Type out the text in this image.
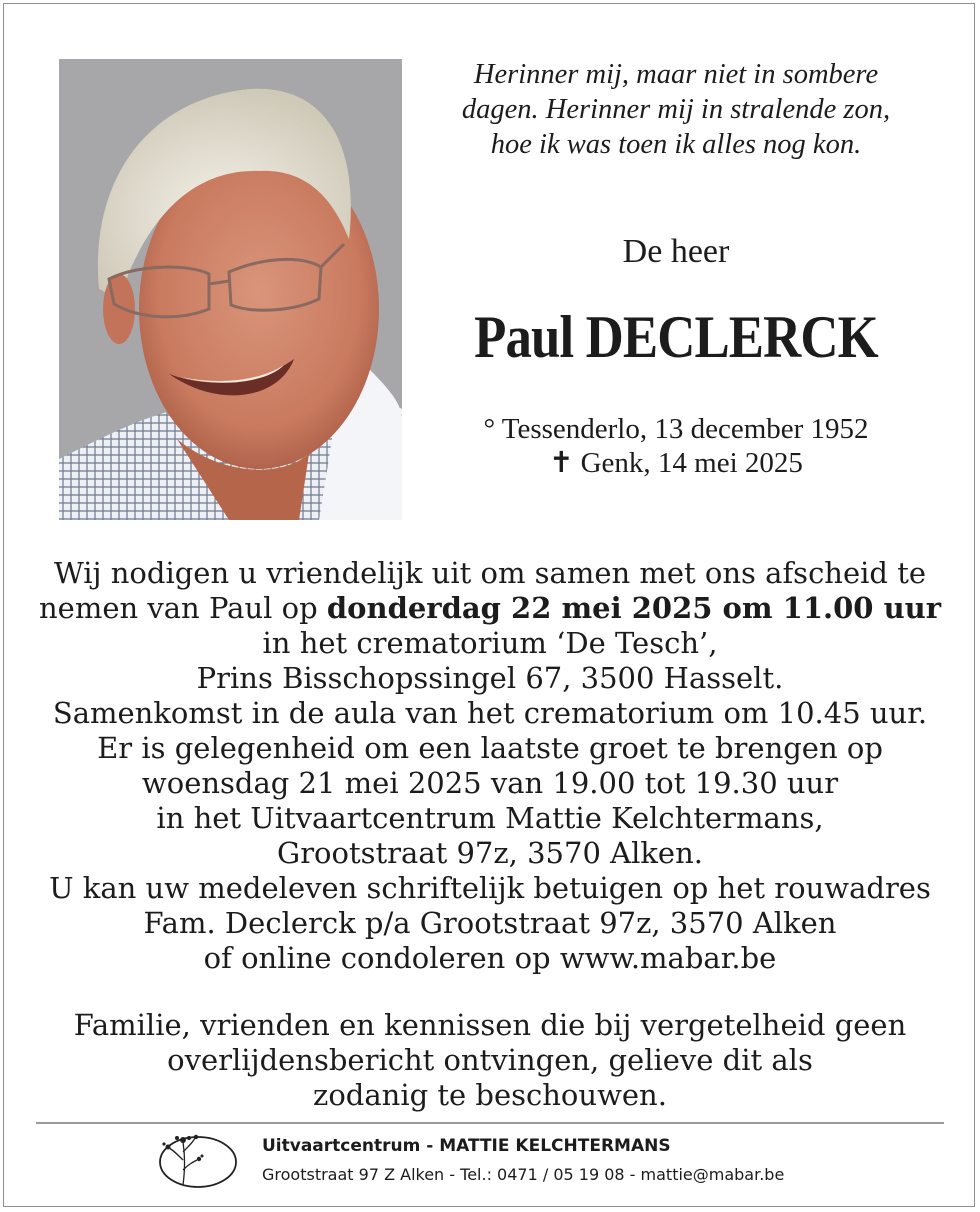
Herinner mij, maar niet in sombere
dagen. Herinner mij in stralende zon,
hoe ik was toen ik alles nog kon.
De heer
Paul DECLERCK
° Tessenderlo, 13 december 1952
✝ Genk, 14 mei 2025
Wij nodigen u vriendelijk uit om samen met ons afscheid te
nemen van Paul op donderdag 22 mei 2025 om 11.00 uur
in het crematorium ‘De Tesch’,
Prins Bisschopssingel 67, 3500 Hasselt.
Samenkomst in de aula van het crematorium om 10.45 uur.
Er is gelegenheid om een laatste groet te brengen op
woensdag 21 mei 2025 van 19.00 tot 19.30 uur
in het Uitvaartcentrum Mattie Kelchtermans,
Grootstraat 97z, 3570 Alken.
U kan uw medeleven schriftelijk betuigen op het rouwadres
Fam. Declerck p/a Grootstraat 97z, 3570 Alken
of online condoleren op www.mabar.be
Familie, vrienden en kennissen die bij vergetelheid geen
overlijdensbericht ontvingen, gelieve dit als
zodanig te beschouwen.
Uitvaartcentrum - MATTIE KELCHTERMANS
Grootstraat 97 Z Alken - Tel.: 0471 / 05 19 08 - mattie@mabar.be
